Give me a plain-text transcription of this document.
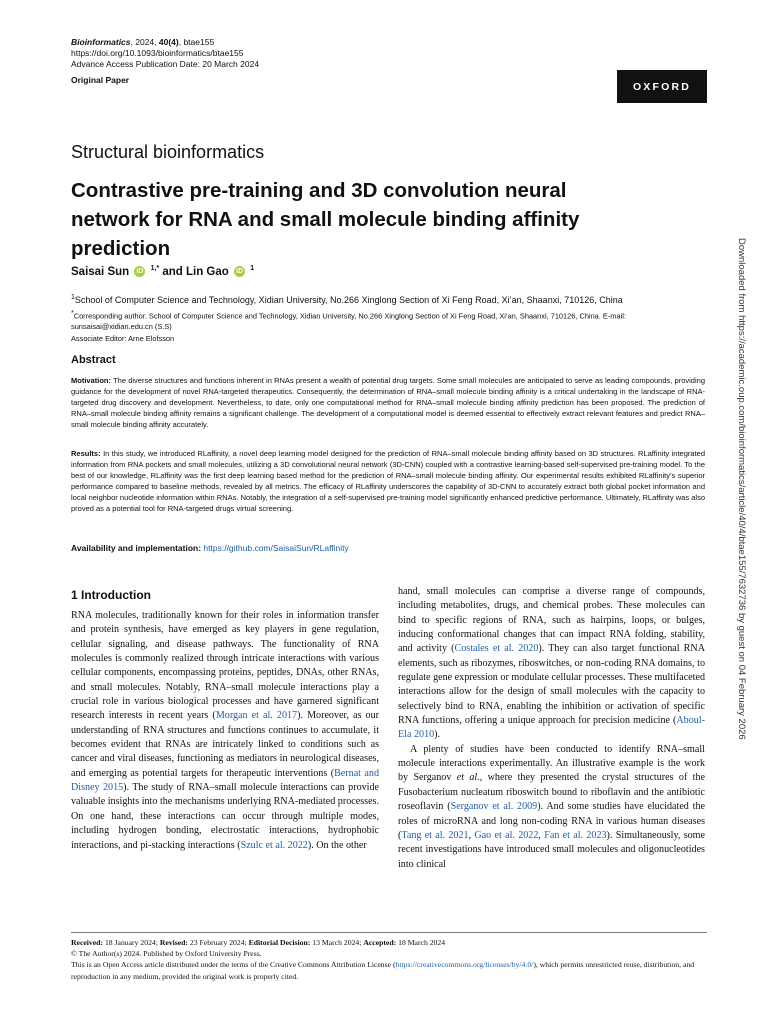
Bioinformatics, 2024, 40(4), btae155
https://doi.org/10.1093/bioinformatics/btae155
Advance Access Publication Date: 20 March 2024
Original Paper
OXFORD
Structural bioinformatics
Contrastive pre-training and 3D convolution neural network for RNA and small molecule binding affinity prediction
Saisai Sun iD $^{1,*}$ and Lin Gao iD $^1$
$^1$School of Computer Science and Technology, Xidian University, No.266 Xinglong Section of Xi Feng Road, Xi’an, Shaanxi, 710126, China
*Corresponding author. School of Computer Science and Technology, Xidian University, No.266 Xinglong Section of Xi Feng Road, Xi’an, Shaanxi, 710126, China. E-mail: sunsaisai@xidian.edu.cn (S.S)
Associate Editor: Arne Elofsson
Abstract
Motivation: The diverse structures and functions inherent in RNAs present a wealth of potential drug targets. Some small molecules are anticipated to serve as leading compounds, providing guidance for the development of novel RNA-targeted therapeutics. Consequently, the determination of RNA–small molecule binding affinity is a critical undertaking in the landscape of RNA-targeted drug discovery and development. Nevertheless, to date, only one computational method for RNA–small molecule binding affinity prediction has been proposed. The prediction of RNA–small molecule binding affinity remains a significant challenge. The development of a computational model is deemed essential to effectively extract relevant features and predict RNA–small molecule binding affinity accurately.
Results: In this study, we introduced RLaffinity, a novel deep learning model designed for the prediction of RNA–small molecule binding affinity based on 3D structures. RLaffinity integrated information from RNA pockets and small molecules, utilizing a 3D convolutional neural network (3D-CNN) coupled with a contrastive learning-based self-supervised pre-training model. To the best of our knowledge, RLaffinity was the first deep learning based method for the prediction of RNA–small molecule binding affinity. Our experimental results exhibited RLaffinity’s superior performance compared to baseline methods, revealed by all metrics. The efficacy of RLaffinity underscores the capability of 3D-CNN to accurately extract both global pocket information and local neighbor nucleotide information within RNAs. Notably, the integration of a self-supervised pre-training model significantly enhanced predictive performance. Ultimately, RLaffinity was also proved as a potential tool for RNA-targeted drugs virtual screening.
Availability and implementation: https://github.com/SaisaiSun/RLaffinity
1 Introduction

RNA molecules, traditionally known for their roles in information transfer and protein synthesis, have emerged as key players in gene regulation, cellular signaling, and disease pathways. The functionality of RNA molecules is commonly realized through intricate interactions with various cellular components, encompassing proteins, peptides, DNAs, other RNAs, and small molecules. Notably, RNA–small molecule interactions play a crucial role in various biological processes and have garnered significant research interests in recent years (Morgan et al. 2017). Moreover, as our understanding of RNA structures and functions continues to accumulate, it becomes evident that RNAs are intricately linked to conditions such as cancer and viral diseases, functioning as mediators in neurological diseases, and emerging as potential targets for therapeutic interventions (Bernat and Disney 2015). The study of RNA–small molecule interactions can provide valuable insights into the mechanisms underlying RNA-mediated processes. On one hand, these interactions can occur through multiple modes, including hydrogen bonding, electrostatic interactions, hydrophobic interactions, and pi-stacking interactions (Szulc et al. 2022). On the other

hand, small molecules can comprise a diverse range of compounds, including metabolites, drugs, and chemical probes. These molecules can bind to specific regions of RNA, such as hairpins, loops, or bulges, inducing conformational changes that can impact RNA folding, stability, and activity (Costales et al. 2020). They can also target functional RNA elements, such as ribozymes, riboswitches, or non-coding RNA domains, to regulate gene expression or modulate cellular processes. These multifaceted interactions allow for the design of small molecules with the capacity to selectively bind to RNA, enabling the inhibition or activation of specific RNA functions, offering a unique approach for precision medicine (Aboul-Ela 2010).

A plenty of studies have been conducted to identify RNA–small molecule interactions experimentally. An illustrative example is the work by Serganov et al., where they presented the crystal structures of the Fusobacterium nucleatum riboswitch bound to riboflavin and the antibiotic roseoflavin (Serganov et al. 2009). And some studies have elucidated the roles of microRNA and long non-coding RNA in various human diseases (Tang et al. 2021, Gao et al. 2022, Fan et al. 2023). Simultaneously, some recent investigations have introduced small molecules and oligonucleotides into clinical

Received: 18 January 2024; Revised: 23 February 2024; Editorial Decision: 13 March 2024; Accepted: 18 March 2024
© The Author(s) 2024. Published by Oxford University Press.
This is an Open Access article distributed under the terms of the Creative Commons Attribution License (https://creativecommons.org/licenses/by/4.0/), which permits unrestricted reuse, distribution, and reproduction in any medium, provided the original work is properly cited.
Downloaded from https://academic.oup.com/bioinformatics/article/40/4/btae155/7632736 by guest on 04 February 2026
